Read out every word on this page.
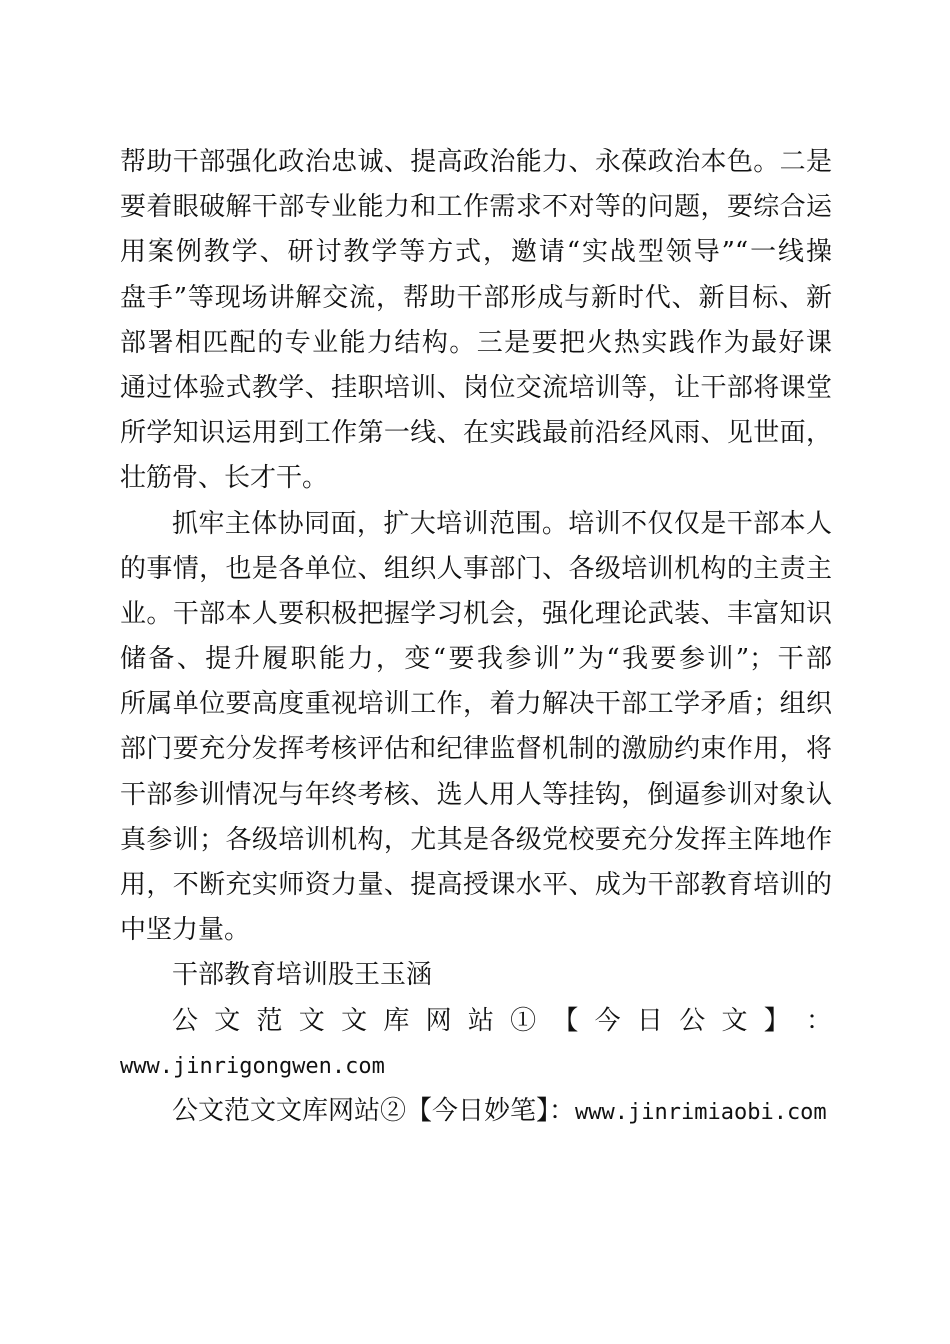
帮助干部强化政治忠诚、提高政治能力、永葆政治本色。二是
要着眼破解干部专业能力和工作需求不对等的问题，要综合运
用案例教学、研讨教学等方式，邀请“实战型领导”“一线操
盘手”等现场讲解交流，帮助干部形成与新时代、新目标、新
部署相匹配的专业能力结构。三是要把火热实践作为最好课
通过体验式教学、挂职培训、岗位交流培训等，让干部将课堂
所学知识运用到工作第一线、在实践最前沿经风雨、见世面，
壮筋骨、长才干。
抓牢主体协同面，扩大培训范围。培训不仅仅是干部本人
的事情，也是各单位、组织人事部门、各级培训机构的主责主
业。干部本人要积极把握学习机会，强化理论武装、丰富知识
储备、提升履职能力，变“要我参训”为“我要参训”；干部
所属单位要高度重视培训工作，着力解决干部工学矛盾；组织
部门要充分发挥考核评估和纪律监督机制的激励约束作用，将
干部参训情况与年终考核、选人用人等挂钩，倒逼参训对象认
真参训；各级培训机构，尤其是各级党校要充分发挥主阵地作
用，不断充实师资力量、提高授课水平、成为干部教育培训的
中坚力量。
干部教育培训股王玉涵
公 文 范 文 文 库 网 站 ① 【 今 日 公 文 】 ：
www.jinrigongwen.com
公文范文文库网站②【今日妙笔】：www.jinrimiaobi.com
